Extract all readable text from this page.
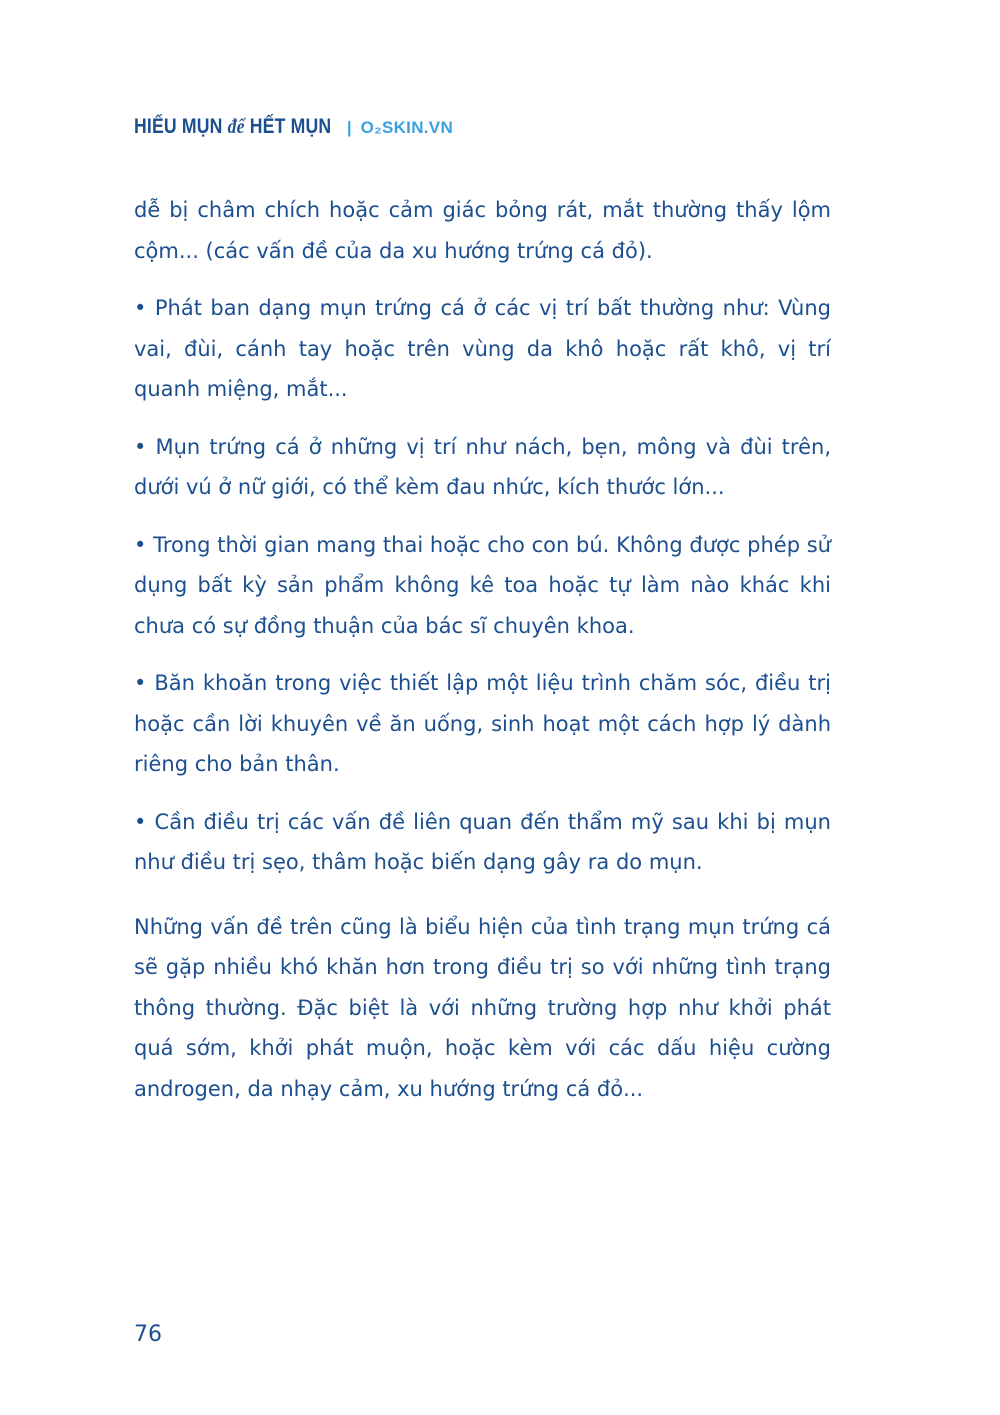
HIỂU MỤN để HẾT MỤN | O₂SKIN.VN

dễ bị châm chích hoặc cảm giác bỏng rát, mắt thường thấy lộm cộm... (các vấn đề của da xu hướng trứng cá đỏ).

• Phát ban dạng mụn trứng cá ở các vị trí bất thường như: Vùng vai, đùi, cánh tay hoặc trên vùng da khô hoặc rất khô, vị trí quanh miệng, mắt...

• Mụn trứng cá ở những vị trí như nách, bẹn, mông và đùi trên, dưới vú ở nữ giới, có thể kèm đau nhức, kích thước lớn...

• Trong thời gian mang thai hoặc cho con bú. Không được phép sử dụng bất kỳ sản phẩm không kê toa hoặc tự làm nào khác khi chưa có sự đồng thuận của bác sĩ chuyên khoa.

• Băn khoăn trong việc thiết lập một liệu trình chăm sóc, điều trị hoặc cần lời khuyên về ăn uống, sinh hoạt một cách hợp lý dành riêng cho bản thân.

• Cần điều trị các vấn đề liên quan đến thẩm mỹ sau khi bị mụn như điều trị sẹo, thâm hoặc biến dạng gây ra do mụn.

Những vấn đề trên cũng là biểu hiện của tình trạng mụn trứng cá sẽ gặp nhiều khó khăn hơn trong điều trị so với những tình trạng thông thường. Đặc biệt là với những trường hợp như khởi phát quá sớm, khởi phát muộn, hoặc kèm với các dấu hiệu cường androgen, da nhạy cảm, xu hướng trứng cá đỏ...

76
